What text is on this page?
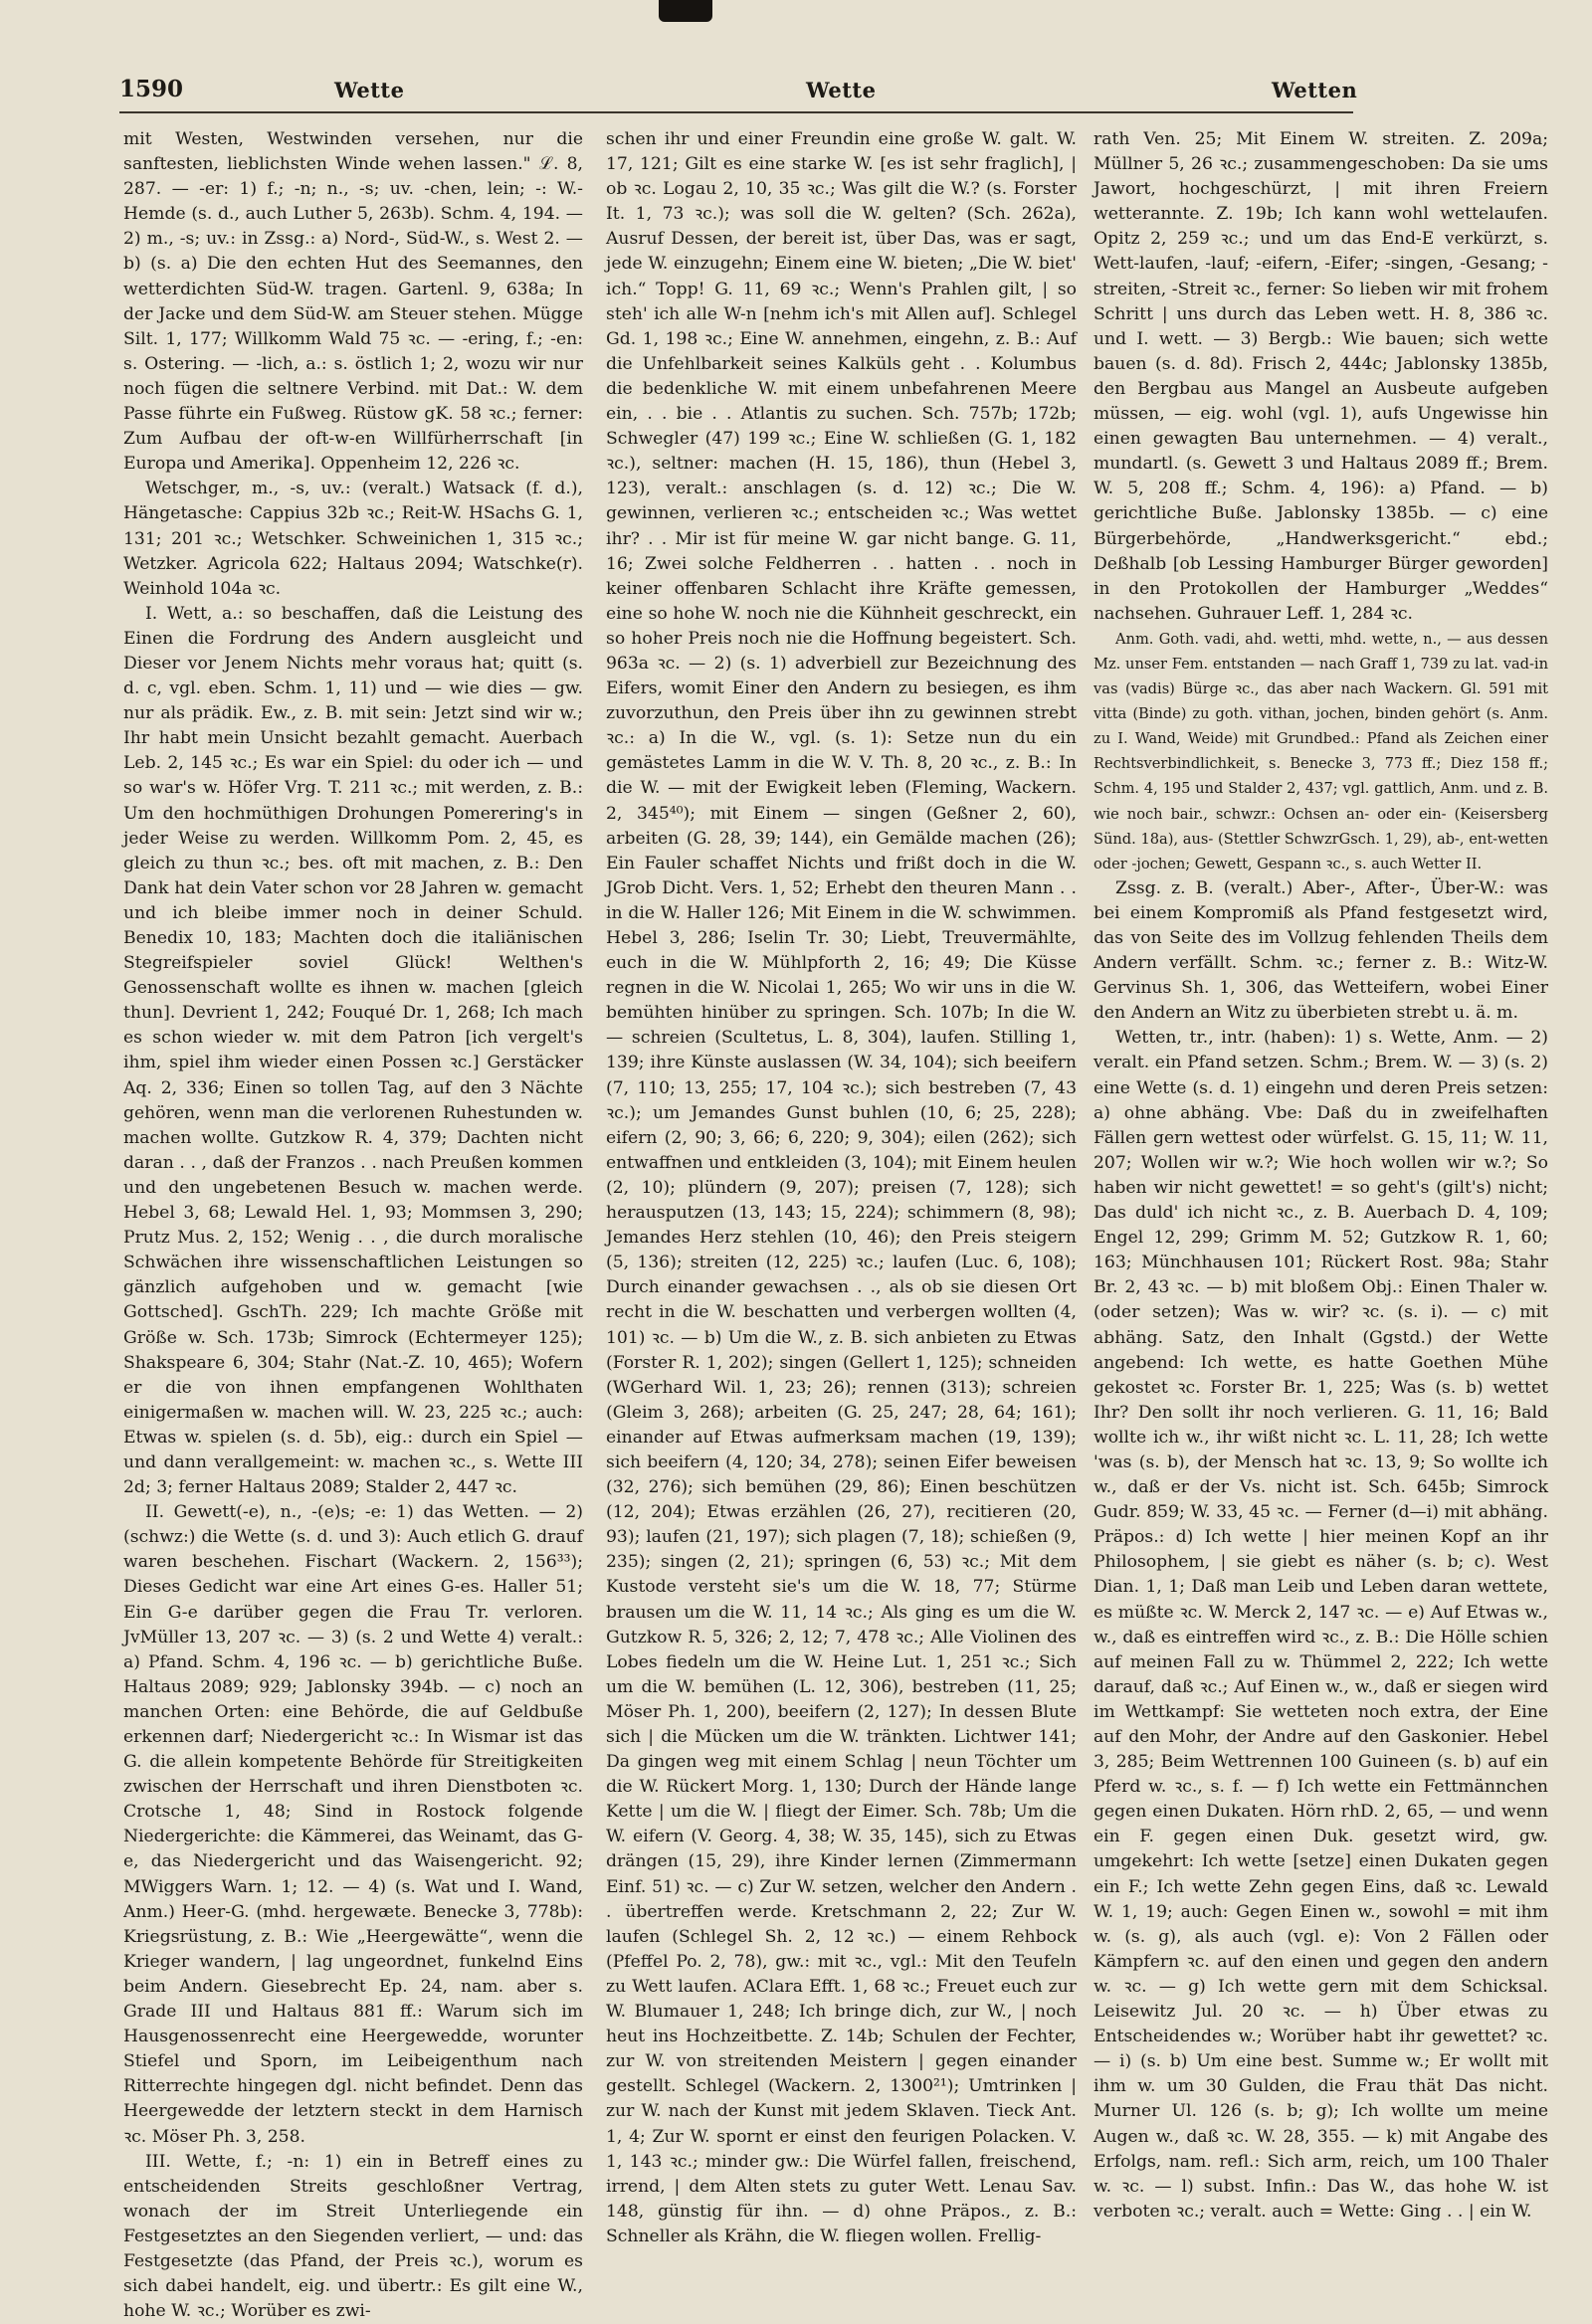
1590	Wette	Wette	Wetten

mit Westen, Westwinden versehen, nur die sanftesten, lieblichsten Winde wehen lassen." ℒ. 8, 287. — -er: 1) f.; -n; n., -s; uv. -chen, lein; -: W.-Hemde (s. d., auch Luther 5, 263b). Schm. 4, 194. — 2) m., -s; uv.: in Zssg.: a) Nord-, Süd-W., s. West 2. — b) (s. a) Die den echten Hut des Seemannes, den wetterdichten Süd-W. tragen. Gartenl. 9, 638a; In der Jacke und dem Süd-W. am Steuer stehen. Mügge Silt. 1, 177; Willkomm Wald 75 ꝛc. — -ering, f.; -en: s. Ostering. — -lich, a.: s. östlich 1; 2, wozu wir nur noch fügen die seltnere Verbind. mit Dat.: W. dem Passe führte ein Fußweg. Rüstow gK. 58 ꝛc.; ferner: Zum Aufbau der oft-w-en Willfürherrschaft [in Europa und Amerika]. Oppenheim 12, 226 ꝛc.

Wetschger, m., -s, uv.: (veralt.) Watsack (f. d.), Hängetasche: Cappius 32b ꝛc.; Reit-W. HSachs G. 1, 131; 201 ꝛc.; Wetschker. Schweinichen 1, 315 ꝛc.; Wetzker. Agricola 622; Haltaus 2094; Watschke(r). Weinhold 104a ꝛc.

I. Wett, a.: so beschaffen, daß die Leistung des Einen die Fordrung des Andern ausgleicht und Dieser vor Jenem Nichts mehr voraus hat; quitt (s. d. c, vgl. eben. Schm. 1, 11) und — wie dies — gw. nur als prädik. Ew., z. B. mit sein: Jetzt sind wir w.; Ihr habt mein Unsicht bezahlt gemacht. Auerbach Leb. 2, 145 ꝛc.; Es war ein Spiel: du oder ich — und so war's w. Höfer Vrg. T. 211 ꝛc.; mit werden, z. B.: Um den hochmüthigen Drohungen Pomerering's in jeder Weise zu werden. Willkomm Pom. 2, 45, es gleich zu thun ꝛc.; bes. oft mit machen, z. B.: Den Dank hat dein Vater schon vor 28 Jahren w. gemacht und ich bleibe immer noch in deiner Schuld. Benedix 10, 183; Machten doch die italiänischen Stegreifspieler soviel Glück! Welthen's Genossenschaft wollte es ihnen w. machen [gleich thun]. Devrient 1, 242; Fouqué Dr. 1, 268; Ich mach es schon wieder w. mit dem Patron [ich vergelt's ihm, spiel ihm wieder einen Possen ꝛc.] Gerstäcker Aq. 2, 336; Einen so tollen Tag, auf den 3 Nächte gehören, wenn man die verlorenen Ruhestunden w. machen wollte. Gutzkow R. 4, 379; Dachten nicht daran . . , daß der Franzos . . nach Preußen kommen und den ungebetenen Besuch w. machen werde. Hebel 3, 68; Lewald Hel. 1, 93; Mommsen 3, 290; Prutz Mus. 2, 152; Wenig . . , die durch moralische Schwächen ihre wissenschaftlichen Leistungen so gänzlich aufgehoben und w. gemacht [wie Gottsched]. GschTh. 229; Ich machte Größe mit Größe w. Sch. 173b; Simrock (Echtermeyer 125); Shakspeare 6, 304; Stahr (Nat.-Z. 10, 465); Wofern er die von ihnen empfangenen Wohlthaten einigermaßen w. machen will. W. 23, 225 ꝛc.; auch: Etwas w. spielen (s. d. 5b), eig.: durch ein Spiel — und dann verallgemeint: w. machen ꝛc., s. Wette III 2d; 3; ferner Haltaus 2089; Stalder 2, 447 ꝛc.

II. Gewett(-e), n., -(e)s; -e: 1) das Wetten. — 2) (schwz:) die Wette (s. d. und 3): Auch etlich G. drauf waren beschehen. Fischart (Wackern. 2, 156³³); Dieses Gedicht war eine Art eines G-es. Haller 51; Ein G-e darüber gegen die Frau Tr. verloren. JvMüller 13, 207 ꝛc. — 3) (s. 2 und Wette 4) veralt.: a) Pfand. Schm. 4, 196 ꝛc. — b) gerichtliche Buße. Haltaus 2089; 929; Jablonsky 394b. — c) noch an manchen Orten: eine Behörde, die auf Geldbuße erkennen darf; Niedergericht ꝛc.: In Wismar ist das G. die allein kompetente Behörde für Streitigkeiten zwischen der Herrschaft und ihren Dienstboten ꝛc. Crotsche 1, 48; Sind in Rostock folgende Niedergerichte: die Kämmerei, das Weinamt, das G-e, das Niedergericht und das Waisengericht. 92; MWiggers Warn. 1; 12. — 4) (s. Wat und I. Wand, Anm.) Heer-G. (mhd. hergewæte. Benecke 3, 778b): Kriegsrüstung, z. B.: Wie „Heergewätte“, wenn die Krieger wandern, | lag ungeordnet, funkelnd Eins beim Andern. Giesebrecht Ep. 24, nam. aber s. Grade III und Haltaus 881 ff.: Warum sich im Hausgenossenrecht eine Heergewedde, worunter Stiefel und Sporn, im Leibeigenthum nach Ritterrechte hingegen dgl. nicht befindet. Denn das Heergewedde der letztern steckt in dem Harnisch ꝛc. Möser Ph. 3, 258.

III. Wette, f.; -n: 1) ein in Betreff eines zu entscheidenden Streits geschloßner Vertrag, wonach der im Streit Unterliegende ein Festgesetztes an den Siegenden verliert, — und: das Festgesetzte (das Pfand, der Preis ꝛc.), worum es sich dabei handelt, eig. und übertr.: Es gilt eine W., hohe W. ꝛc.; Worüber es zwi-

schen ihr und einer Freundin eine große W. galt. W. 17, 121; Gilt es eine starke W. [es ist sehr fraglich], | ob ꝛc. Logau 2, 10, 35 ꝛc.; Was gilt die W.? (s. Forster It. 1, 73 ꝛc.); was soll die W. gelten? (Sch. 262a), Ausruf Dessen, der bereit ist, über Das, was er sagt, jede W. einzugehn; Einem eine W. bieten; „Die W. biet' ich.“ Topp! G. 11, 69 ꝛc.; Wenn's Prahlen gilt, | so steh' ich alle W-n [nehm ich's mit Allen auf]. Schlegel Gd. 1, 198 ꝛc.; Eine W. annehmen, eingehn, z. B.: Auf die Unfehlbarkeit seines Kalküls geht . . Kolumbus die bedenkliche W. mit einem unbefahrenen Meere ein, . . bie . . Atlantis zu suchen. Sch. 757b; 172b; Schwegler (47) 199 ꝛc.; Eine W. schließen (G. 1, 182 ꝛc.), seltner: machen (H. 15, 186), thun (Hebel 3, 123), veralt.: anschlagen (s. d. 12) ꝛc.; Die W. gewinnen, verlieren ꝛc.; entscheiden ꝛc.; Was wettet ihr? . . Mir ist für meine W. gar nicht bange. G. 11, 16; Zwei solche Feldherren . . hatten . . noch in keiner offenbaren Schlacht ihre Kräfte gemessen, eine so hohe W. noch nie die Kühnheit geschreckt, ein so hoher Preis noch nie die Hoffnung begeistert. Sch. 963a ꝛc. — 2) (s. 1) adverbiell zur Bezeichnung des Eifers, womit Einer den Andern zu besiegen, es ihm zuvorzuthun, den Preis über ihn zu gewinnen strebt ꝛc.: a) In die W., vgl. (s. 1): Setze nun du ein gemästetes Lamm in die W. V. Th. 8, 20 ꝛc., z. B.: In die W. — mit der Ewigkeit leben (Fleming, Wackern. 2, 345⁴⁰); mit Einem — singen (Geßner 2, 60), arbeiten (G. 28, 39; 144), ein Gemälde machen (26); Ein Fauler schaffet Nichts und frißt doch in die W. JGrob Dicht. Vers. 1, 52; Erhebt den theuren Mann . . in die W. Haller 126; Mit Einem in die W. schwimmen. Hebel 3, 286; Iselin Tr. 30; Liebt, Treuvermählte, euch in die W. Mühlpforth 2, 16; 49; Die Küsse regnen in die W. Nicolai 1, 265; Wo wir uns in die W. bemühten hinüber zu springen. Sch. 107b; In die W. — schreien (Scultetus, L. 8, 304), laufen. Stilling 1, 139; ihre Künste auslassen (W. 34, 104); sich beeifern (7, 110; 13, 255; 17, 104 ꝛc.); sich bestreben (7, 43 ꝛc.); um Jemandes Gunst buhlen (10, 6; 25, 228); eifern (2, 90; 3, 66; 6, 220; 9, 304); eilen (262); sich entwaffnen und entkleiden (3, 104); mit Einem heulen (2, 10); plündern (9, 207); preisen (7, 128); sich herausputzen (13, 143; 15, 224); schimmern (8, 98); Jemandes Herz stehlen (10, 46); den Preis steigern (5, 136); streiten (12, 225) ꝛc.; laufen (Luc. 6, 108); Durch einander gewachsen . ., als ob sie diesen Ort recht in die W. beschatten und verbergen wollten (4, 101) ꝛc. — b) Um die W., z. B. sich anbieten zu Etwas (Forster R. 1, 202); singen (Gellert 1, 125); schneiden (WGerhard Wil. 1, 23; 26); rennen (313); schreien (Gleim 3, 268); arbeiten (G. 25, 247; 28, 64; 161); einander auf Etwas aufmerksam machen (19, 139); sich beeifern (4, 120; 34, 278); seinen Eifer beweisen (32, 276); sich bemühen (29, 86); Einen beschützen (12, 204); Etwas erzählen (26, 27), recitieren (20, 93); laufen (21, 197); sich plagen (7, 18); schießen (9, 235); singen (2, 21); springen (6, 53) ꝛc.; Mit dem Kustode versteht sie's um die W. 18, 77; Stürme brausen um die W. 11, 14 ꝛc.; Als ging es um die W. Gutzkow R. 5, 326; 2, 12; 7, 478 ꝛc.; Alle Violinen des Lobes fiedeln um die W. Heine Lut. 1, 251 ꝛc.; Sich um die W. bemühen (L. 12, 306), bestreben (11, 25; Möser Ph. 1, 200), beeifern (2, 127); In dessen Blute sich | die Mücken um die W. tränkten. Lichtwer 141; Da gingen weg mit einem Schlag | neun Töchter um die W. Rückert Morg. 1, 130; Durch der Hände lange Kette | um die W. | fliegt der Eimer. Sch. 78b; Um die W. eifern (V. Georg. 4, 38; W. 35, 145), sich zu Etwas drängen (15, 29), ihre Kinder lernen (Zimmermann Einf. 51) ꝛc. — c) Zur W. setzen, welcher den Andern . . übertreffen werde. Kretschmann 2, 22; Zur W. laufen (Schlegel Sh. 2, 12 ꝛc.) — einem Rehbock (Pfeffel Po. 2, 78), gw.: mit ꝛc., vgl.: Mit den Teufeln zu Wett laufen. AClara Efft. 1, 68 ꝛc.; Freuet euch zur W. Blumauer 1, 248; Ich bringe dich, zur W., | noch heut ins Hochzeitbette. Z. 14b; Schulen der Fechter, zur W. von streitenden Meistern | gegen einander gestellt. Schlegel (Wackern. 2, 1300²¹); Umtrinken | zur W. nach der Kunst mit jedem Sklaven. Tieck Ant. 1, 4; Zur W. spornt er einst den feurigen Polacken. V. 1, 143 ꝛc.; minder gw.: Die Würfel fallen, freischend, irrend, | dem Alten stets zu guter Wett. Lenau Sav. 148, günstig für ihn. — d) ohne Präpos., z. B.: Schneller als Krähn, die W. fliegen wollen. Frellig-

rath Ven. 25; Mit Einem W. streiten. Z. 209a; Müllner 5, 26 ꝛc.; zusammengeschoben: Da sie ums Jawort, hochgeschürzt, | mit ihren Freiern wetterannte. Z. 19b; Ich kann wohl wettelaufen. Opitz 2, 259 ꝛc.; und um das End-E verkürzt, s. Wett-laufen, -lauf; -eifern, -Eifer; -singen, -Gesang; -streiten, -Streit ꝛc., ferner: So lieben wir mit frohem Schritt | uns durch das Leben wett. H. 8, 386 ꝛc. und I. wett. — 3) Bergb.: Wie bauen; sich wette bauen (s. d. 8d). Frisch 2, 444c; Jablonsky 1385b, den Bergbau aus Mangel an Ausbeute aufgeben müssen, — eig. wohl (vgl. 1), aufs Ungewisse hin einen gewagten Bau unternehmen. — 4) veralt., mundartl. (s. Gewett 3 und Haltaus 2089 ff.; Brem. W. 5, 208 ff.; Schm. 4, 196): a) Pfand. — b) gerichtliche Buße. Jablonsky 1385b. — c) eine Bürgerbehörde, „Handwerksgericht.“ ebd.; Deßhalb [ob Lessing Hamburger Bürger geworden] in den Protokollen der Hamburger „Weddes“ nachsehen. Guhrauer Leff. 1, 284 ꝛc.

Anm. Goth. vadi, ahd. wetti, mhd. wette, n., — aus dessen Mz. unser Fem. entstanden — nach Graff 1, 739 zu lat. vad-in vas (vadis) Bürge ꝛc., das aber nach Wackern. Gl. 591 mit vitta (Binde) zu goth. vithan, jochen, binden gehört (s. Anm. zu I. Wand, Weide) mit Grundbed.: Pfand als Zeichen einer Rechtsverbindlichkeit, s. Benecke 3, 773 ff.; Diez 158 ff.; Schm. 4, 195 und Stalder 2, 437; vgl. gattlich, Anm. und z. B. wie noch bair., schwzr.: Ochsen an- oder ein- (Keisersberg Sünd. 18a), aus- (Stettler SchwzrGsch. 1, 29), ab-, ent-wetten oder -jochen; Gewett, Gespann ꝛc., s. auch Wetter II.

Zssg. z. B. (veralt.) Aber-, After-, Über-W.: was bei einem Kompromiß als Pfand festgesetzt wird, das von Seite des im Vollzug fehlenden Theils dem Andern verfällt. Schm. ꝛc.; ferner z. B.: Witz-W. Gervinus Sh. 1, 306, das Wetteifern, wobei Einer den Andern an Witz zu überbieten strebt u. ä. m.

Wetten, tr., intr. (haben): 1) s. Wette, Anm. — 2) veralt. ein Pfand setzen. Schm.; Brem. W. — 3) (s. 2) eine Wette (s. d. 1) eingehn und deren Preis setzen: a) ohne abhäng. Vbe: Daß du in zweifelhaften Fällen gern wettest oder würfelst. G. 15, 11; W. 11, 207; Wollen wir w.?; Wie hoch wollen wir w.?; So haben wir nicht gewettet! = so geht's (gilt's) nicht; Das duld' ich nicht ꝛc., z. B. Auerbach D. 4, 109; Engel 12, 299; Grimm M. 52; Gutzkow R. 1, 60; 163; Münchhausen 101; Rückert Rost. 98a; Stahr Br. 2, 43 ꝛc. — b) mit bloßem Obj.: Einen Thaler w. (oder setzen); Was w. wir? ꝛc. (s. i). — c) mit abhäng. Satz, den Inhalt (Ggstd.) der Wette angebend: Ich wette, es hatte Goethen Mühe gekostet ꝛc. Forster Br. 1, 225; Was (s. b) wettet Ihr? Den sollt ihr noch verlieren. G. 11, 16; Bald wollte ich w., ihr wißt nicht ꝛc. L. 11, 28; Ich wette 'was (s. b), der Mensch hat ꝛc. 13, 9; So wollte ich w., daß er der Vs. nicht ist. Sch. 645b; Simrock Gudr. 859; W. 33, 45 ꝛc. — Ferner (d—i) mit abhäng. Präpos.: d) Ich wette | hier meinen Kopf an ihr Philosophem, | sie giebt es näher (s. b; c). West Dian. 1, 1; Daß man Leib und Leben daran wettete, es müßte ꝛc. W. Merck 2, 147 ꝛc. — e) Auf Etwas w., w., daß es eintreffen wird ꝛc., z. B.: Die Hölle schien auf meinen Fall zu w. Thümmel 2, 222; Ich wette darauf, daß ꝛc.; Auf Einen w., w., daß er siegen wird im Wettkampf: Sie wetteten noch extra, der Eine auf den Mohr, der Andre auf den Gaskonier. Hebel 3, 285; Beim Wettrennen 100 Guineen (s. b) auf ein Pferd w. ꝛc., s. f. — f) Ich wette ein Fettmännchen gegen einen Dukaten. Hörn rhD. 2, 65, — und wenn ein F. gegen einen Duk. gesetzt wird, gw. umgekehrt: Ich wette [setze] einen Dukaten gegen ein F.; Ich wette Zehn gegen Eins, daß ꝛc. Lewald W. 1, 19; auch: Gegen Einen w., sowohl = mit ihm w. (s. g), als auch (vgl. e): Von 2 Fällen oder Kämpfern ꝛc. auf den einen und gegen den andern w. ꝛc. — g) Ich wette gern mit dem Schicksal. Leisewitz Jul. 20 ꝛc. — h) Über etwas zu Entscheidendes w.; Worüber habt ihr gewettet? ꝛc. — i) (s. b) Um eine best. Summe w.; Er wollt mit ihm w. um 30 Gulden, die Frau thät Das nicht. Murner Ul. 126 (s. b; g); Ich wollte um meine Augen w., daß ꝛc. W. 28, 355. — k) mit Angabe des Erfolgs, nam. refl.: Sich arm, reich, um 100 Thaler w. ꝛc. — l) subst. Infin.: Das W., das hohe W. ist verboten ꝛc.; veralt. auch = Wette: Ging . . | ein W.
